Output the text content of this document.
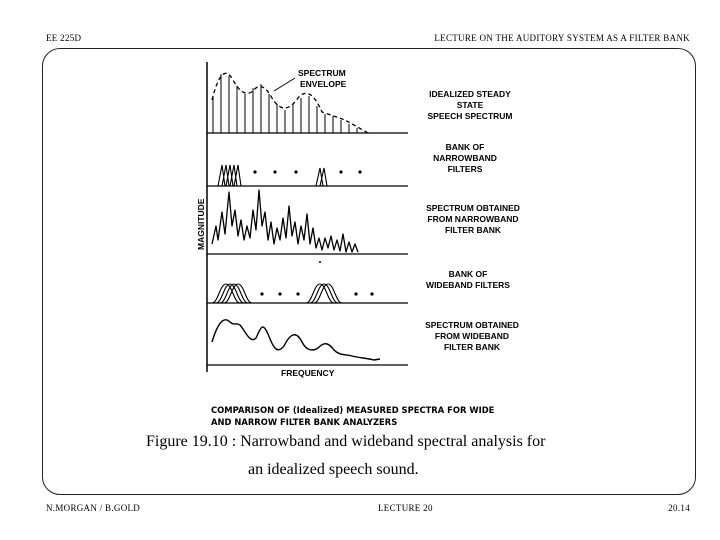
EE 225D	LECTURE ON THE AUDITORY SYSTEM AS A FILTER BANK
MAGNITUDE
FREQUENCY
SPECTRUM
ENVELOPE
IDEALIZED STEADY
STATE
SPEECH SPECTRUM
BANK OF
NARROWBAND
FILTERS
SPECTRUM OBTAINED
FROM NARROWBAND
FILTER BANK
BANK OF
WIDEBAND FILTERS
SPECTRUM OBTAINED
FROM WIDEBAND
FILTER BANK
COMPARISON OF (Idealized) MEASURED SPECTRA FOR WIDE
AND NARROW FILTER BANK ANALYZERS
Figure 19.10 : Narrowband and wideband spectral analysis for
an idealized speech sound.
N.MORGAN / B.GOLD	LECTURE 20	20.14
